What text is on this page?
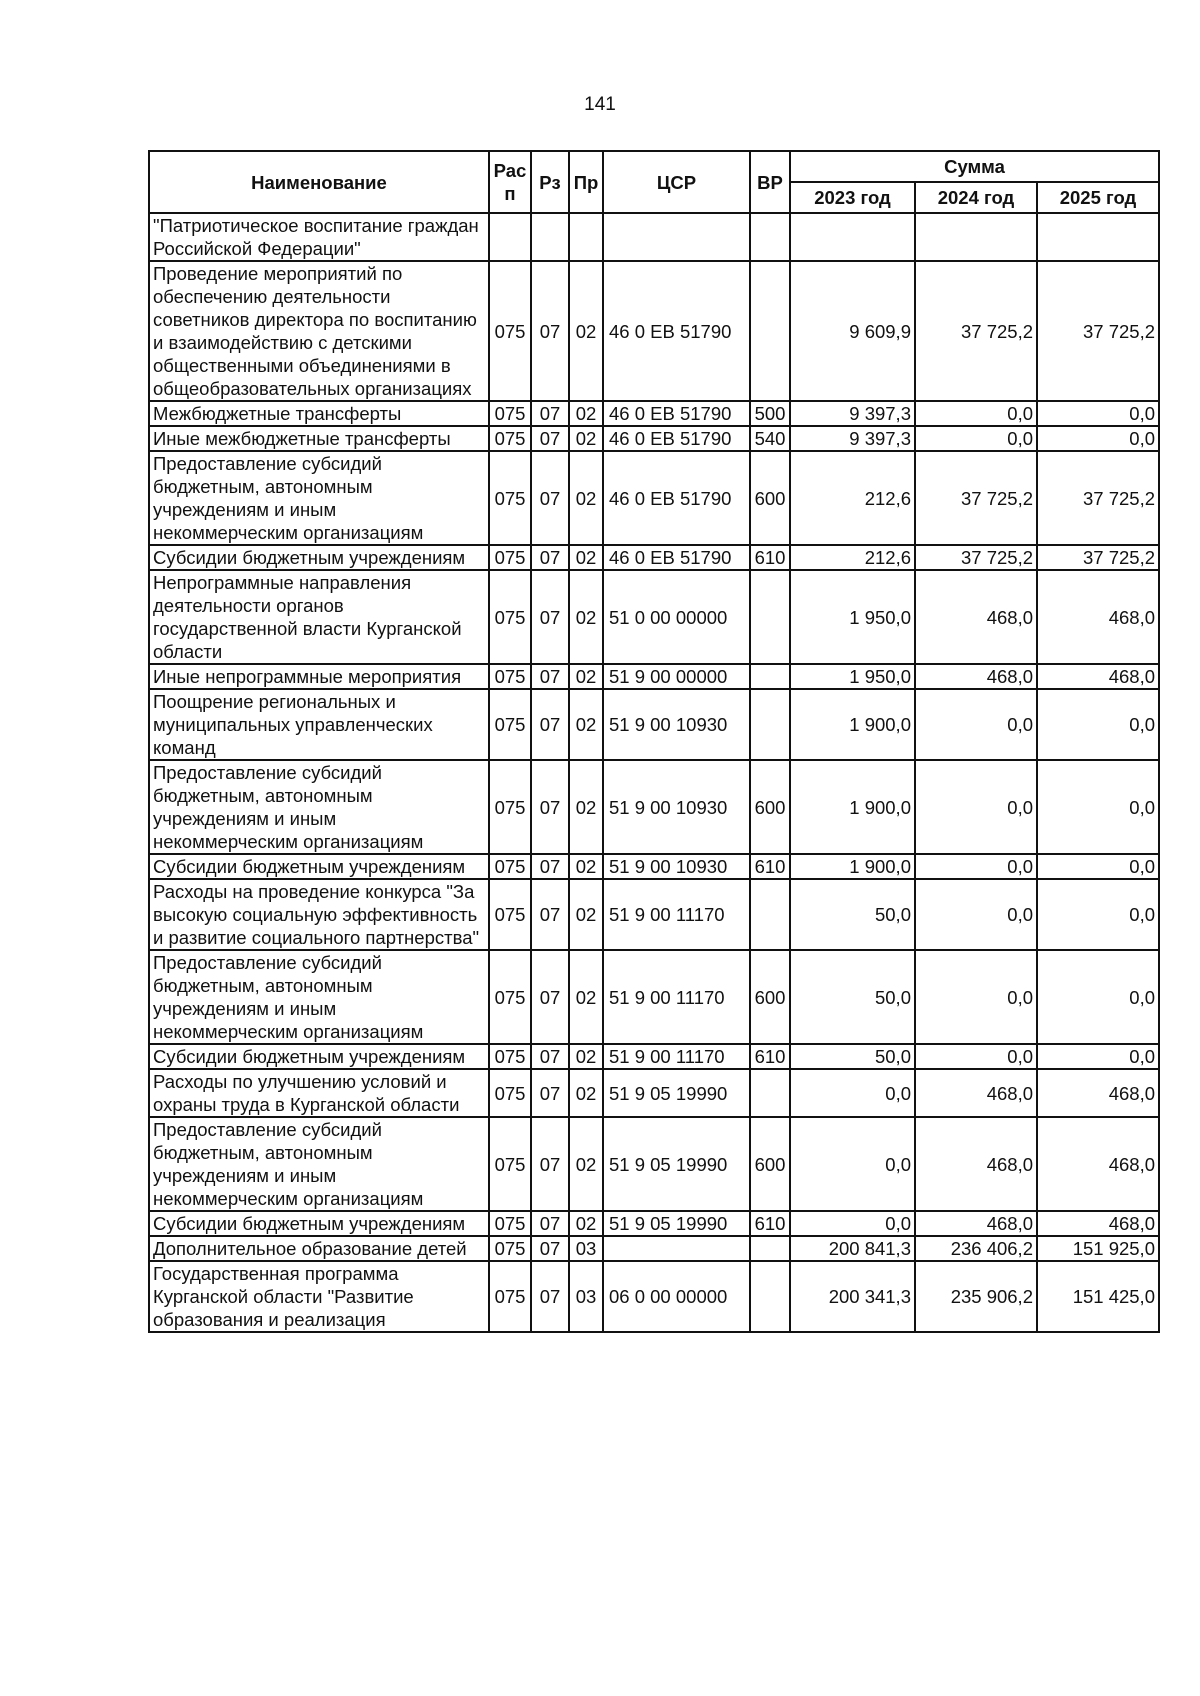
141
Наименование	Рас п	Рз	Пр	ЦСР	ВР	Сумма		
						2023 год	2024 год	2025 год
"Патриотическое воспитание граждан Российской Федерации"								
Проведение мероприятий по обеспечению деятельности советников директора по воспитанию и взаимодействию с детскими общественными объединениями в общеобразовательных организациях	075	07	02	46 0 ЕВ 51790		9 609,9	37 725,2	37 725,2
Межбюджетные трансферты	075	07	02	46 0 ЕВ 51790	500	9 397,3	0,0	0,0
Иные межбюджетные трансферты	075	07	02	46 0 ЕВ 51790	540	9 397,3	0,0	0,0
Предоставление субсидий бюджетным, автономным учреждениям и иным некоммерческим организациям	075	07	02	46 0 ЕВ 51790	600	212,6	37 725,2	37 725,2
Субсидии бюджетным учреждениям	075	07	02	46 0 ЕВ 51790	610	212,6	37 725,2	37 725,2
Непрограммные направления деятельности органов государственной власти Курганской области	075	07	02	51 0 00 00000		1 950,0	468,0	468,0
Иные непрограммные мероприятия	075	07	02	51 9 00 00000		1 950,0	468,0	468,0
Поощрение региональных и муниципальных управленческих команд	075	07	02	51 9 00 10930		1 900,0	0,0	0,0
Предоставление субсидий бюджетным, автономным учреждениям и иным некоммерческим организациям	075	07	02	51 9 00 10930	600	1 900,0	0,0	0,0
Субсидии бюджетным учреждениям	075	07	02	51 9 00 10930	610	1 900,0	0,0	0,0
Расходы на проведение конкурса "За высокую социальную эффективность и развитие социального партнерства"	075	07	02	51 9 00 11170		50,0	0,0	0,0
Предоставление субсидий бюджетным, автономным учреждениям и иным некоммерческим организациям	075	07	02	51 9 00 11170	600	50,0	0,0	0,0
Субсидии бюджетным учреждениям	075	07	02	51 9 00 11170	610	50,0	0,0	0,0
Расходы по улучшению условий и охраны труда в Курганской области	075	07	02	51 9 05 19990		0,0	468,0	468,0
Предоставление субсидий бюджетным, автономным учреждениям и иным некоммерческим организациям	075	07	02	51 9 05 19990	600	0,0	468,0	468,0
Субсидии бюджетным учреждениям	075	07	02	51 9 05 19990	610	0,0	468,0	468,0
Дополнительное образование детей	075	07	03			200 841,3	236 406,2	151 925,0
Государственная программа Курганской области "Развитие образования и реализация	075	07	03	06 0 00 00000		200 341,3	235 906,2	151 425,0
